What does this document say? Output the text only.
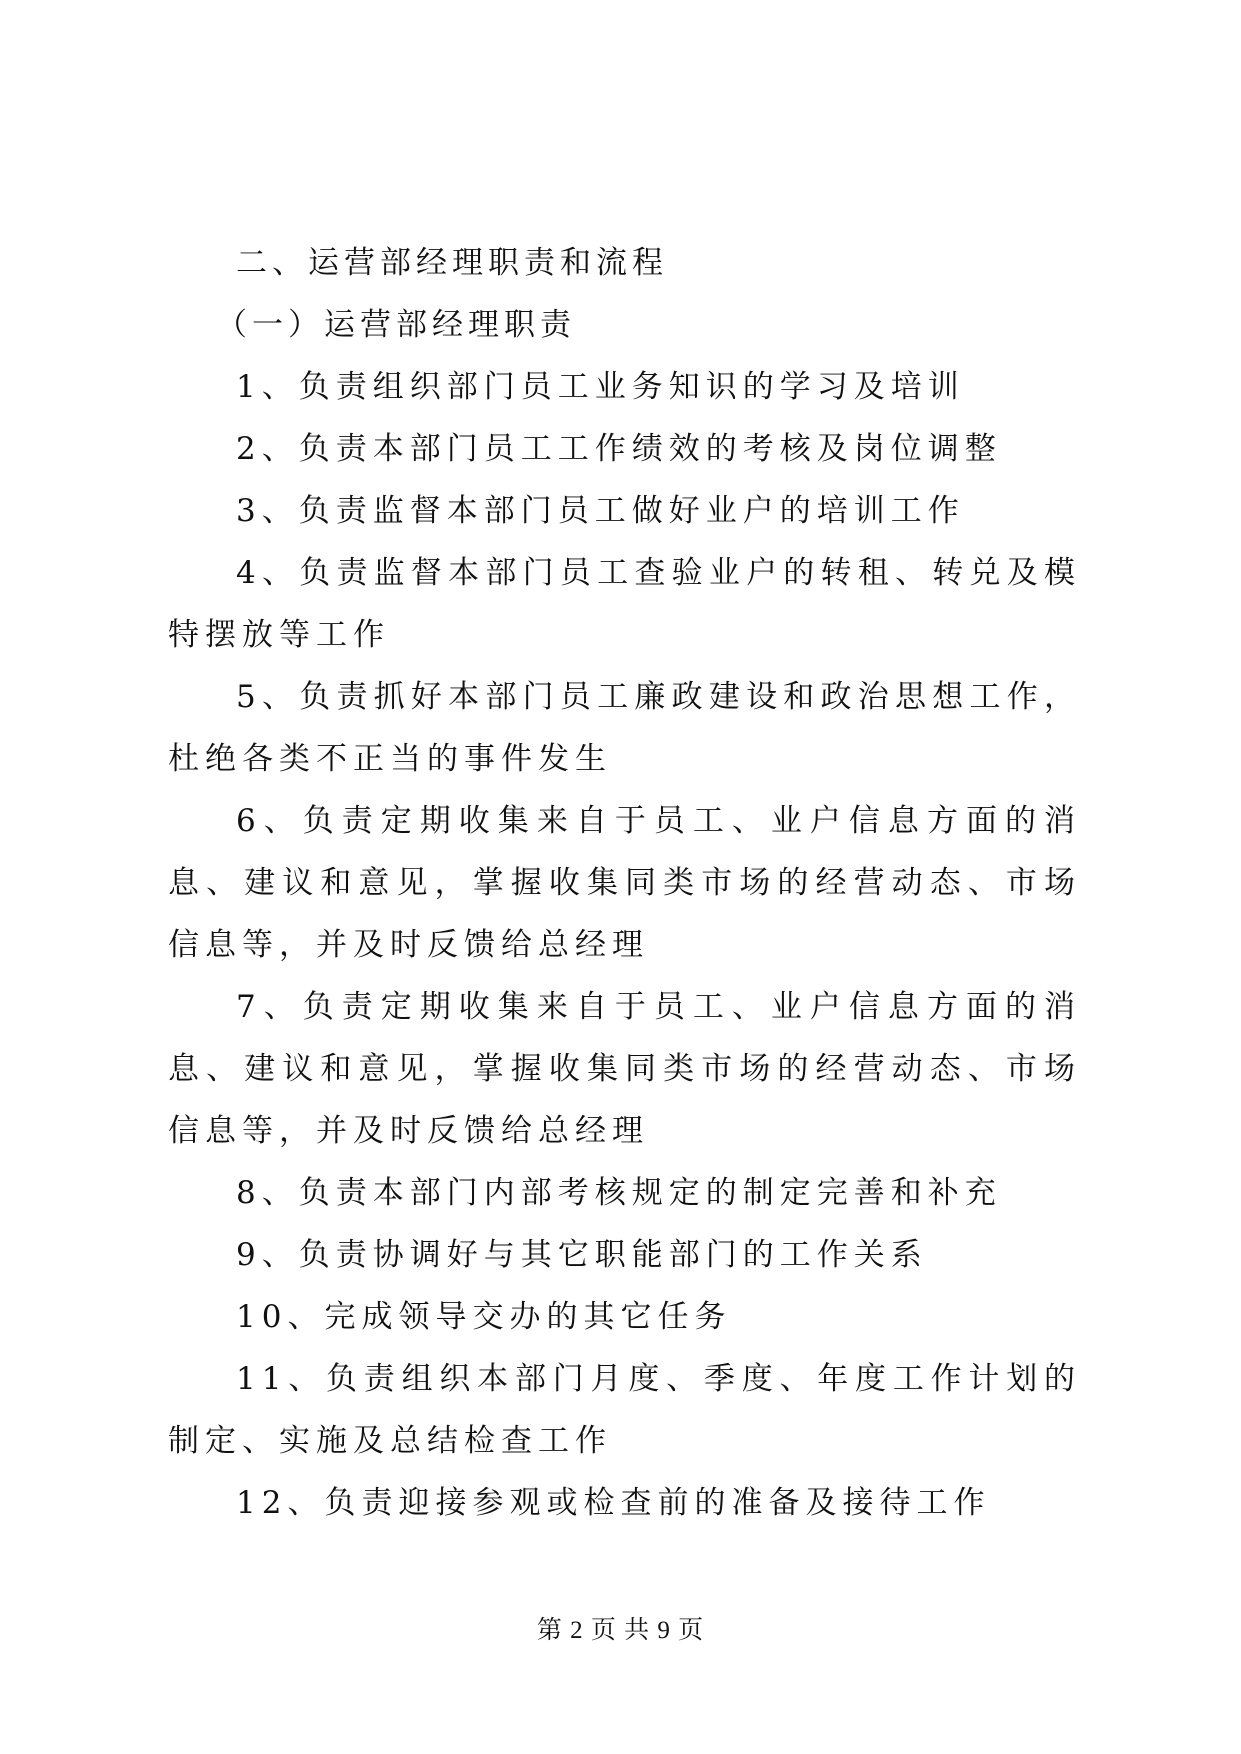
二、运营部经理职责和流程
（一）运营部经理职责
1、负责组织部门员工业务知识的学习及培训
2、负责本部门员工工作绩效的考核及岗位调整
3、负责监督本部门员工做好业户的培训工作
4、负责监督本部门员工查验业户的转租、转兑及模特摆放等工作
5、负责抓好本部门员工廉政建设和政治思想工作，杜绝各类不正当的事件发生
6、负责定期收集来自于员工、业户信息方面的消息、建议和意见，掌握收集同类市场的经营动态、市场信息等，并及时反馈给总经理
7、负责定期收集来自于员工、业户信息方面的消息、建议和意见，掌握收集同类市场的经营动态、市场信息等，并及时反馈给总经理
8、负责本部门内部考核规定的制定完善和补充
9、负责协调好与其它职能部门的工作关系
10、完成领导交办的其它任务
11、负责组织本部门月度、季度、年度工作计划的制定、实施及总结检查工作
12、负责迎接参观或检查前的准备及接待工作
第 2 页 共 9 页
